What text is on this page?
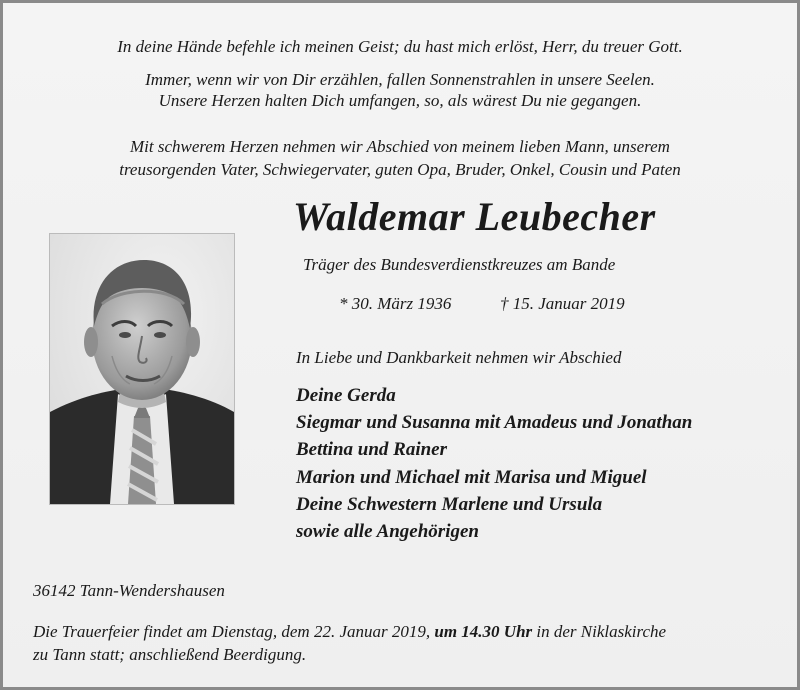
In deine Hände befehle ich meinen Geist; du hast mich erlöst, Herr, du treuer Gott.
Immer, wenn wir von Dir erzählen, fallen Sonnenstrahlen in unsere Seelen.
Unsere Herzen halten Dich umfangen, so, als wärest Du nie gegangen.
Mit schwerem Herzen nehmen wir Abschied von meinem lieben Mann, unserem
treusorgenden Vater, Schwiegervater, guten Opa, Bruder, Onkel, Cousin und Paten
Waldemar Leubecher
Träger des Bundesverdienstkreuzes am Bande
* 30. März 1936	† 15. Januar 2019
In Liebe und Dankbarkeit nehmen wir Abschied
Deine Gerda
Siegmar und Susanna mit Amadeus und Jonathan
Bettina und Rainer
Marion und Michael mit Marisa und Miguel
Deine Schwestern Marlene und Ursula
sowie alle Angehörigen
36142 Tann-Wendershausen
Die Trauerfeier findet am Dienstag, dem 22. Januar 2019, um 14.30 Uhr in der Niklaskirche
zu Tann statt; anschließend Beerdigung.
